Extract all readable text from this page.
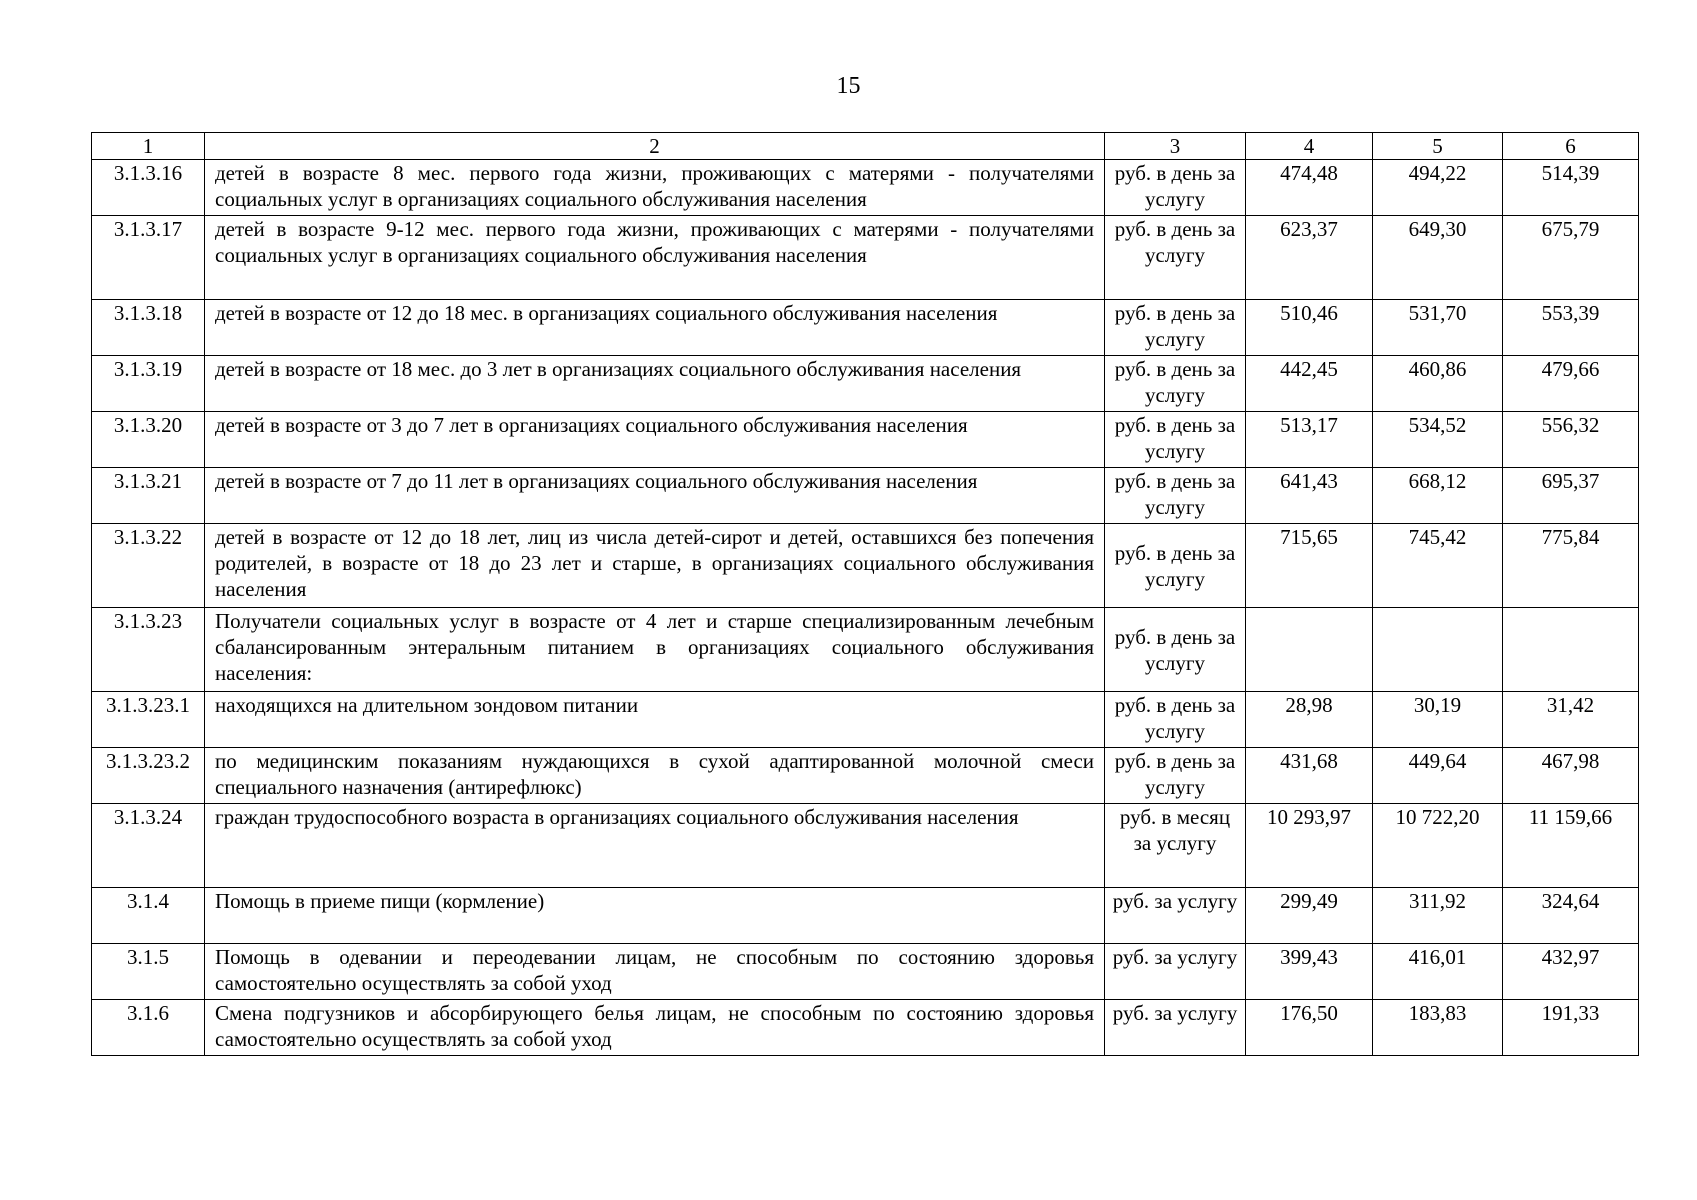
15
1	2	3	4	5	6
3.1.3.16	детей в возрасте 8 мес. первого года жизни, проживающих с матерями - получателями социальных услуг в организациях социального обслуживания населения	руб. в день за услугу	474,48	494,22	514,39
3.1.3.17	детей в возрасте 9-12 мес. первого года жизни, проживающих с матерями - получателями социальных услуг в организациях социального обслуживания населения	руб. в день за услугу	623,37	649,30	675,79
3.1.3.18	детей в возрасте от 12 до 18 мес. в организациях социального обслуживания населения	руб. в день за услугу	510,46	531,70	553,39
3.1.3.19	детей в возрасте от 18 мес. до 3 лет в организациях социального обслуживания населения	руб. в день за услугу	442,45	460,86	479,66
3.1.3.20	детей в возрасте от 3 до 7 лет в организациях социального обслуживания населения	руб. в день за услугу	513,17	534,52	556,32
3.1.3.21	детей в возрасте от 7 до 11 лет в организациях социального обслуживания населения	руб. в день за услугу	641,43	668,12	695,37
3.1.3.22	детей в возрасте от 12 до 18 лет, лиц из числа детей-сирот и детей, оставшихся без попечения родителей, в возрасте от 18 до 23 лет и старше, в организациях социального обслуживания населения	руб. в день за услугу	715,65	745,42	775,84
3.1.3.23	Получатели социальных услуг в возрасте от 4 лет и старше специализированным лечебным сбалансированным энтеральным питанием в организациях социального обслуживания населения:	руб. в день за услугу			
3.1.3.23.1	находящихся на длительном зондовом питании	руб. в день за услугу	28,98	30,19	31,42
3.1.3.23.2	по медицинским показаниям нуждающихся в сухой адаптированной молочной смеси специального назначения (антирефлюкс)	руб. в день за услугу	431,68	449,64	467,98
3.1.3.24	граждан трудоспособного возраста в организациях социального обслуживания населения	руб. в месяц за услугу	10 293,97	10 722,20	11 159,66
3.1.4	Помощь в приеме пищи (кормление)	руб. за услугу	299,49	311,92	324,64
3.1.5	Помощь в одевании и переодевании лицам, не способным по состоянию здоровья самостоятельно осуществлять за собой уход	руб. за услугу	399,43	416,01	432,97
3.1.6	Смена подгузников и абсорбирующего белья лицам, не способным по состоянию здоровья самостоятельно осуществлять за собой уход	руб. за услугу	176,50	183,83	191,33
